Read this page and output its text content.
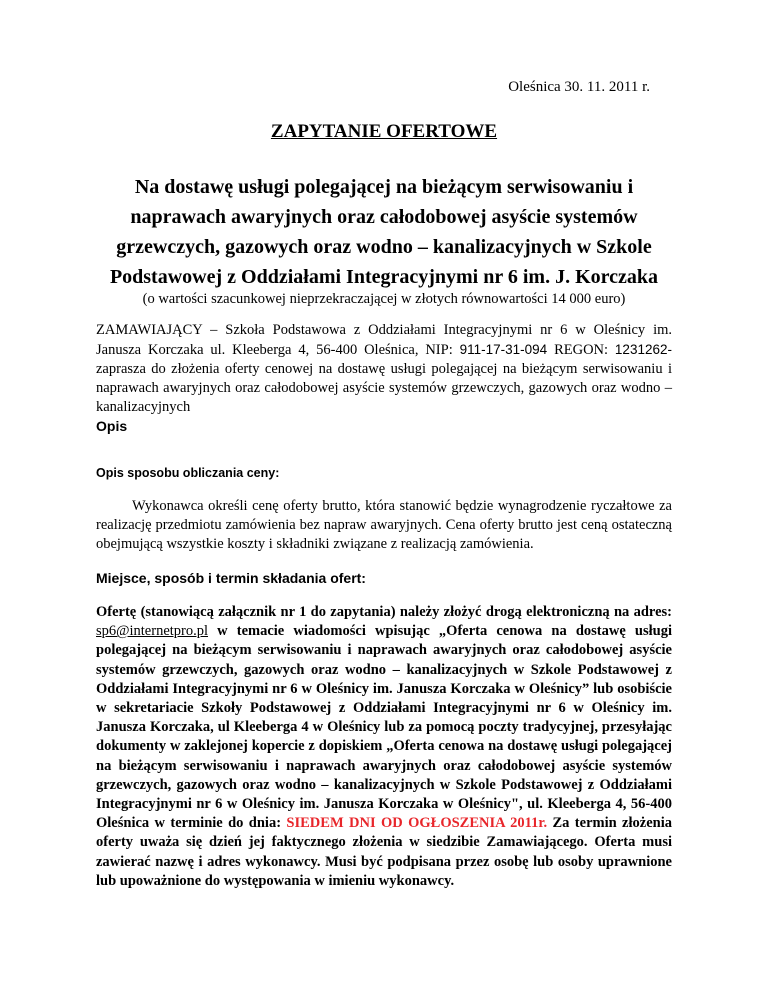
Oleśnica 30. 11. 2011 r.
ZAPYTANIE OFERTOWE
Na dostawę usługi polegającej na bieżącym serwisowaniu i naprawach awaryjnych oraz całodobowej asyście systemów grzewczych, gazowych oraz wodno – kanalizacyjnych w Szkole Podstawowej z Oddziałami Integracyjnymi nr 6 im. J. Korczaka
(o wartości szacunkowej nieprzekraczającej w złotych równowartości 14 000 euro)
ZAMAWIAJĄCY – Szkoła Podstawowa z Oddziałami Integracyjnymi nr 6 w Oleśnicy im. Janusza Korczaka ul. Kleeberga 4, 56-400 Oleśnica, NIP: 911-17-31-094 REGON: 1231262- zaprasza do złożenia oferty cenowej na dostawę usługi polegającej na bieżącym serwisowaniu i naprawach awaryjnych oraz całodobowej asyście systemów grzewczych, gazowych oraz wodno – kanalizacyjnych
Opis
Opis sposobu obliczania ceny:
Wykonawca określi cenę oferty brutto, która stanowić będzie wynagrodzenie ryczałtowe za realizację przedmiotu zamówienia bez napraw awaryjnych. Cena oferty brutto jest ceną ostateczną obejmującą wszystkie koszty i składniki związane z realizacją zamówienia.
Miejsce, sposób i termin składania ofert:
Ofertę (stanowiącą załącznik nr 1 do zapytania) należy złożyć drogą elektroniczną na adres: sp6@internetpro.pl w temacie wiadomości wpisując „Oferta cenowa na dostawę usługi polegającej na bieżącym serwisowaniu i naprawach awaryjnych oraz całodobowej asyście systemów grzewczych, gazowych oraz wodno – kanalizacyjnych w Szkole Podstawowej z Oddziałami Integracyjnymi nr 6 w Oleśnicy im. Janusza Korczaka w Oleśnicy” lub osobiście w sekretariacie Szkoły Podstawowej z Oddziałami Integracyjnymi nr 6 w Oleśnicy im. Janusza Korczaka, ul Kleeberga 4 w Oleśnicy lub za pomocą poczty tradycyjnej, przesyłając dokumenty w zaklejonej kopercie z dopiskiem „Oferta cenowa na dostawę usługi polegającej na bieżącym serwisowaniu i naprawach awaryjnych oraz całodobowej asyście systemów grzewczych, gazowych oraz wodno – kanalizacyjnych w Szkole Podstawowej z Oddziałami Integracyjnymi nr 6 w Oleśnicy im. Janusza Korczaka w Oleśnicy", ul. Kleeberga 4, 56-400 Oleśnica w terminie do dnia: SIEDEM DNI OD OGŁOSZENIA 2011r. Za termin złożenia oferty uważa się dzień jej faktycznego złożenia w siedzibie Zamawiającego. Oferta musi zawierać nazwę i adres wykonawcy. Musi być podpisana przez osobę lub osoby uprawnione lub upoważnione do występowania w imieniu wykonawcy.
